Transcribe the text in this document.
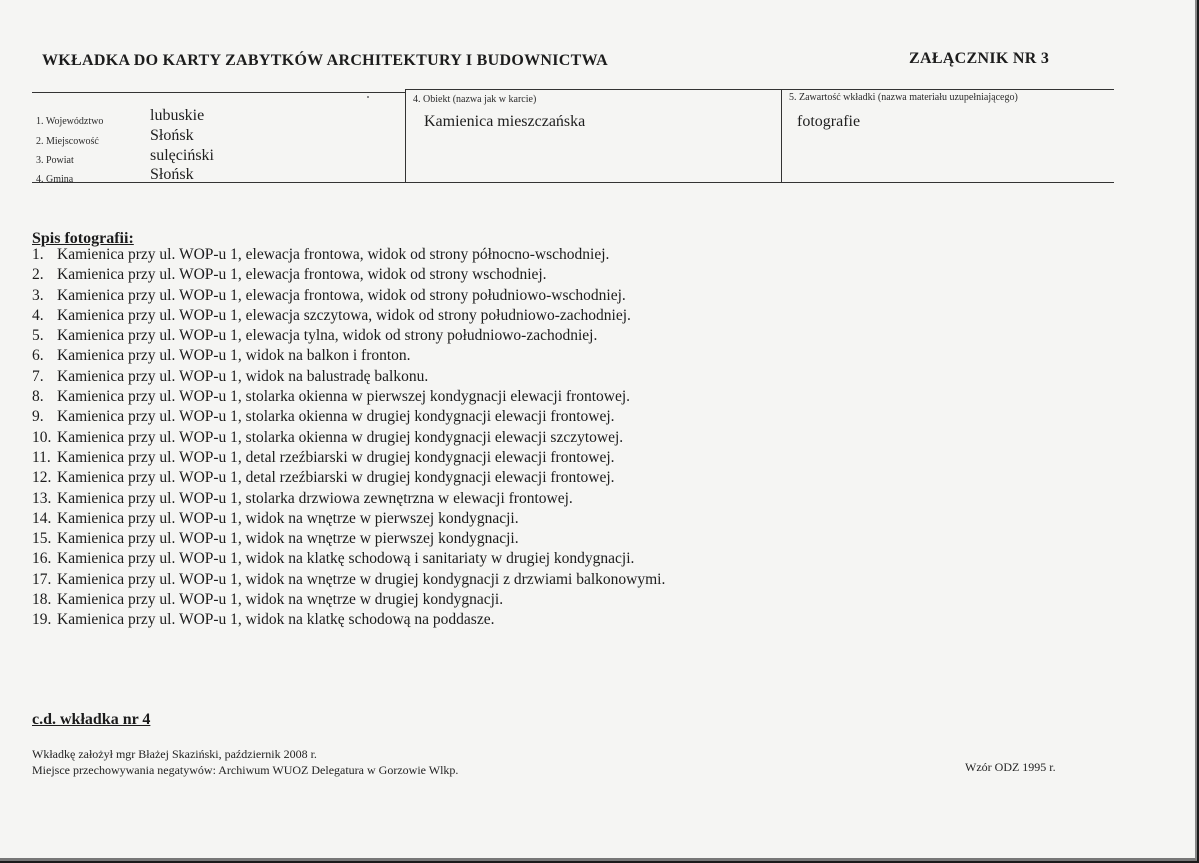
WKŁADKA DO KARTY ZABYTKÓW ARCHITEKTURY I BUDOWNICTWA	ZAŁĄCZNIK NR 3
1. Województwo	lubuskie
2. Miejscowość	Słońsk
3. Powiat	sulęciński
4. Gmina	Słońsk
4. Obiekt (nazwa jak w karcie)
Kamienica mieszczańska
5. Zawartość wkładki (nazwa materiału uzupełniającego)
fotografie
Spis fotografii:
1. Kamienica przy ul. WOP-u 1, elewacja frontowa, widok od strony północno-wschodniej.
2. Kamienica przy ul. WOP-u 1, elewacja frontowa, widok od strony wschodniej.
3. Kamienica przy ul. WOP-u 1, elewacja frontowa, widok od strony południowo-wschodniej.
4. Kamienica przy ul. WOP-u 1, elewacja szczytowa, widok od strony południowo-zachodniej.
5. Kamienica przy ul. WOP-u 1, elewacja tylna, widok od strony południowo-zachodniej.
6. Kamienica przy ul. WOP-u 1, widok na balkon i fronton.
7. Kamienica przy ul. WOP-u 1, widok na balustradę balkonu.
8. Kamienica przy ul. WOP-u 1, stolarka okienna w pierwszej kondygnacji elewacji frontowej.
9. Kamienica przy ul. WOP-u 1, stolarka okienna w drugiej kondygnacji elewacji frontowej.
10. Kamienica przy ul. WOP-u 1, stolarka okienna w drugiej kondygnacji elewacji szczytowej.
11. Kamienica przy ul. WOP-u 1, detal rzeźbiarski w drugiej kondygnacji elewacji frontowej.
12. Kamienica przy ul. WOP-u 1, detal rzeźbiarski w drugiej kondygnacji elewacji frontowej.
13. Kamienica przy ul. WOP-u 1, stolarka drzwiowa zewnętrzna w elewacji frontowej.
14. Kamienica przy ul. WOP-u 1, widok na wnętrze w pierwszej kondygnacji.
15. Kamienica przy ul. WOP-u 1, widok na wnętrze w pierwszej kondygnacji.
16. Kamienica przy ul. WOP-u 1, widok na klatkę schodową i sanitariaty w drugiej kondygnacji.
17. Kamienica przy ul. WOP-u 1, widok na wnętrze w drugiej kondygnacji z drzwiami balkonowymi.
18. Kamienica przy ul. WOP-u 1, widok na wnętrze w drugiej kondygnacji.
19. Kamienica przy ul. WOP-u 1, widok na klatkę schodową na poddasze.
c.d. wkładka nr 4
Wkładkę założył mgr Błażej Skaziński, październik 2008 r.
Miejsce przechowywania negatywów: Archiwum WUOZ Delegatura w Gorzowie Wlkp.	Wzór ODZ 1995 r.
